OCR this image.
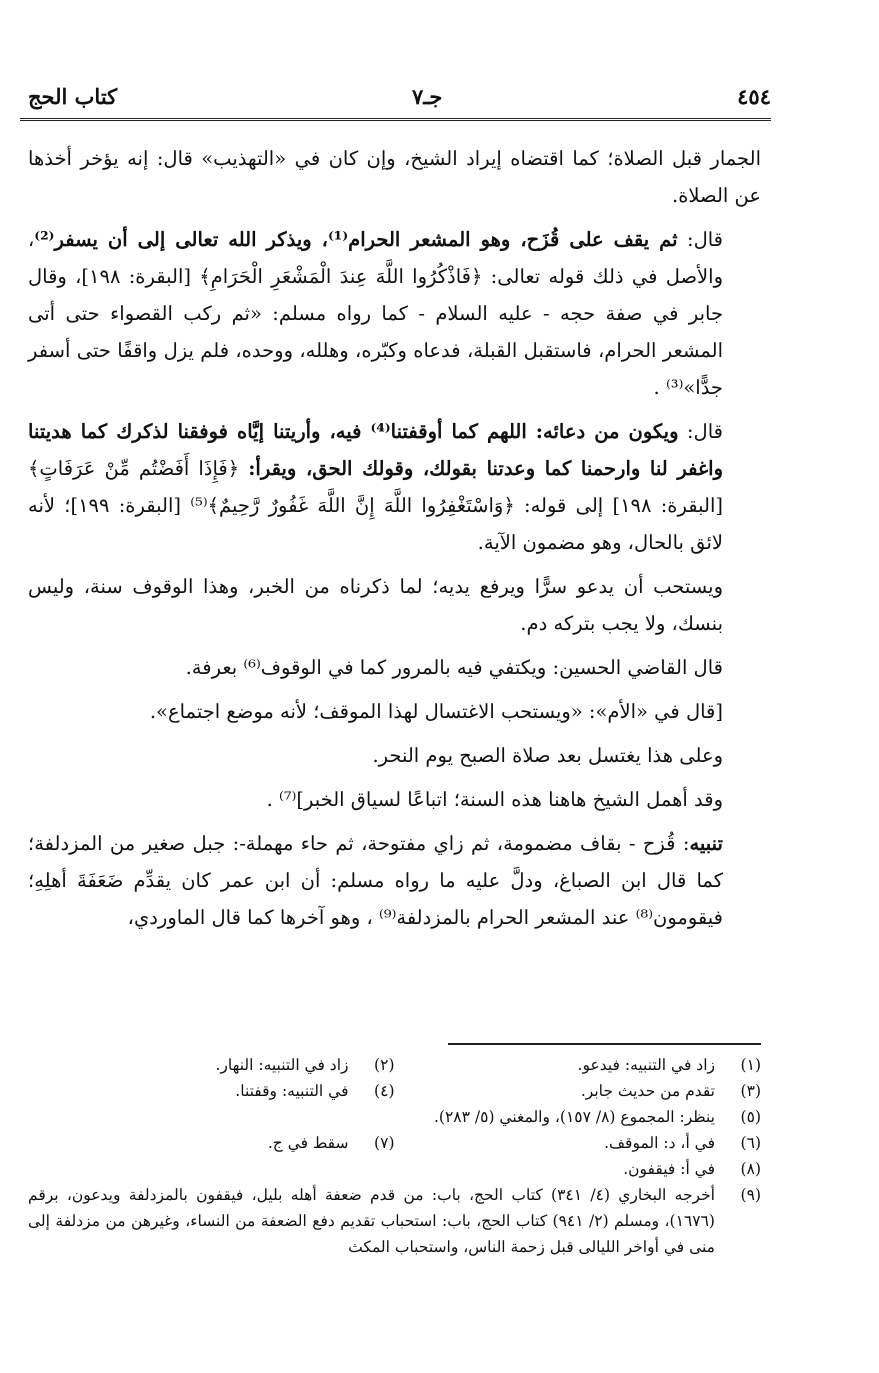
كتاب الحج	جـ٧	٤٥٤

الجمار قبل الصلاة؛ كما اقتضاه إيراد الشيخ، وإن كان في «التهذيب» قال: إنه يؤخر أخذها عن الصلاة.

قال: ثم يقف على قُزَح، وهو المشعر الحرام⁽¹⁾، ويذكر الله تعالى إلى أن يسفر⁽²⁾، والأصل في ذلك قوله تعالى: ﴿فَاذْكُرُوا اللَّهَ عِندَ الْمَشْعَرِ الْحَرَامِ﴾ [البقرة: ١٩٨]، وقال جابر في صفة حجه - عليه السلام - كما رواه مسلم: «ثم ركب القصواء حتى أتى المشعر الحرام، فاستقبل القبلة، فدعاه وكبّره، وهلله، ووحده، فلم يزل واقفًا حتى أسفر جدًّا»⁽³⁾ .

قال: ويكون من دعائه: اللهم كما أوقفتنا⁽⁴⁾ فيه، وأريتنا إيَّاه فوفقنا لذكرك كما هديتنا واغفر لنا وارحمنا كما وعدتنا بقولك، وقولك الحق، ويقرأ: ﴿فَإِذَا أَفَضْتُم مِّنْ عَرَفَاتٍ﴾ [البقرة: ١٩٨] إلى قوله: ﴿وَاسْتَغْفِرُوا اللَّهَ إِنَّ اللَّهَ غَفُورٌ رَّحِيمٌ﴾⁽⁵⁾ [البقرة: ١٩٩]؛ لأنه لائق بالحال، وهو مضمون الآية.

ويستحب أن يدعو سرًّا ويرفع يديه؛ لما ذكرناه من الخبر، وهذا الوقوف سنة، وليس بنسك، ولا يجب بتركه دم.

قال القاضي الحسين: ويكتفي فيه بالمرور كما في الوقوف⁽⁶⁾ بعرفة.

[قال في «الأم»: «ويستحب الاغتسال لهذا الموقف؛ لأنه موضع اجتماع».

وعلى هذا يغتسل بعد صلاة الصبح يوم النحر.

وقد أهمل الشيخ هاهنا هذه السنة؛ اتباعًا لسياق الخبر]⁽⁷⁾ .

تنبيه: قُزح - بقاف مضمومة، ثم زاي مفتوحة، ثم حاء مهملة-: جبل صغير من المزدلفة؛ كما قال ابن الصباغ، ودلَّ عليه ما رواه مسلم: أن ابن عمر كان يقدِّم ضَعَفَةَ أهلِهِ؛ فيقومون⁽⁸⁾ عند المشعر الحرام بالمزدلفة⁽⁹⁾ ، وهو آخرها كما قال الماوردي،

(١)
زاد في التنبيه: فيدعو.
(٢)
زاد في التنبيه: النهار.
(٣)
تقدم من حديث جابر.
(٤)
في التنبيه: وقفتنا.
(٥)
ينظر: المجموع (٨/ ١٥٧)، والمغني (٥/ ٢٨٣).
(٦)
في أ، د: الموقف.
(٧)
سقط في ج.
(٨)
في أ: فيقفون.
(٩)
أخرجه البخاري (٤/ ٣٤١) كتاب الحج، باب: من قدم ضعفة أهله بليل، فيقفون بالمزدلفة ويدعون، برقم (١٦٧٦)، ومسلم (٢/ ٩٤١) كتاب الحج، باب: استحباب تقديم دفع الضعفة من النساء، وغيرهن من مزدلفة إلى منى في أواخر الليالى قبل زحمة الناس، واستحباب المكث
